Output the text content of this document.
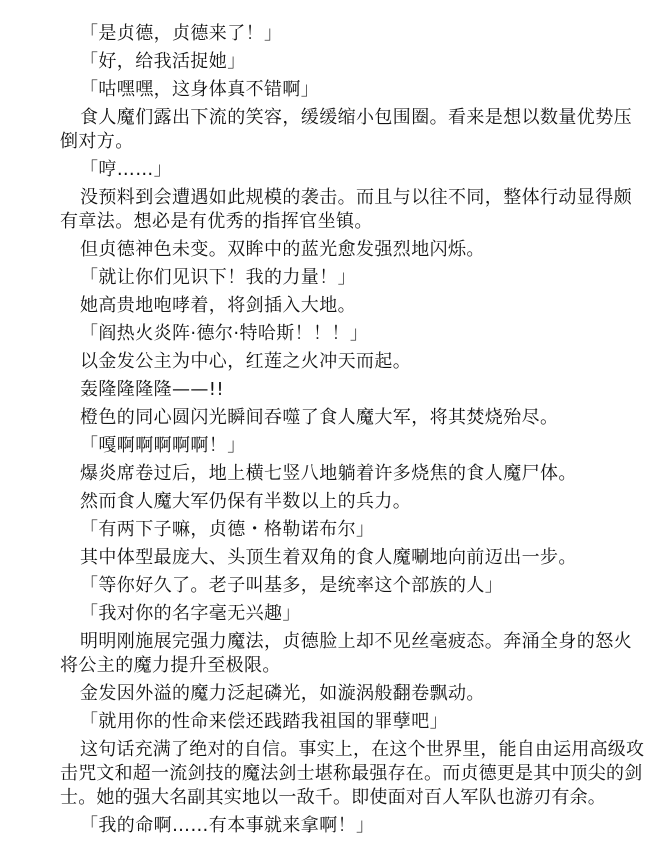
「是贞德，贞德来了！」

「好，给我活捉她」

「咕嘿嘿，这身体真不错啊」

食人魔们露出下流的笑容，缓缓缩小包围圈。看来是想以数量优势压倒对方。

「哼……」

没预料到会遭遇如此规模的袭击。而且与以往不同，整体行动显得颇有章法。想必是有优秀的指挥官坐镇。

但贞德神色未变。双眸中的蓝光愈发强烈地闪烁。

「就让你们见识下！我的力量！」

她高贵地咆哮着，将剑插入大地。

「阎热火炎阵·德尔·特哈斯！！！」

以金发公主为中心，红莲之火冲天而起。

轰隆隆隆隆——!!

橙色的同心圆闪光瞬间吞噬了食人魔大军，将其焚烧殆尽。

「嘎啊啊啊啊啊！」

爆炎席卷过后，地上横七竖八地躺着许多烧焦的食人魔尸体。

然而食人魔大军仍保有半数以上的兵力。

「有两下子嘛，贞德・格勒诺布尔」

其中体型最庞大、头顶生着双角的食人魔唰地向前迈出一步。

「等你好久了。老子叫基多，是统率这个部族的人」

「我对你的名字毫无兴趣」

明明刚施展完强力魔法，贞德脸上却不见丝毫疲态。奔涌全身的怒火将公主的魔力提升至极限。

金发因外溢的魔力泛起磷光，如漩涡般翻卷飘动。

「就用你的性命来偿还践踏我祖国的罪孽吧」

这句话充满了绝对的自信。事实上，在这个世界里，能自由运用高级攻击咒文和超一流剑技的魔法剑士堪称最强存在。而贞德更是其中顶尖的剑士。她的强大名副其实地以一敌千。即使面对百人军队也游刃有余。

「我的命啊……有本事就来拿啊！」
